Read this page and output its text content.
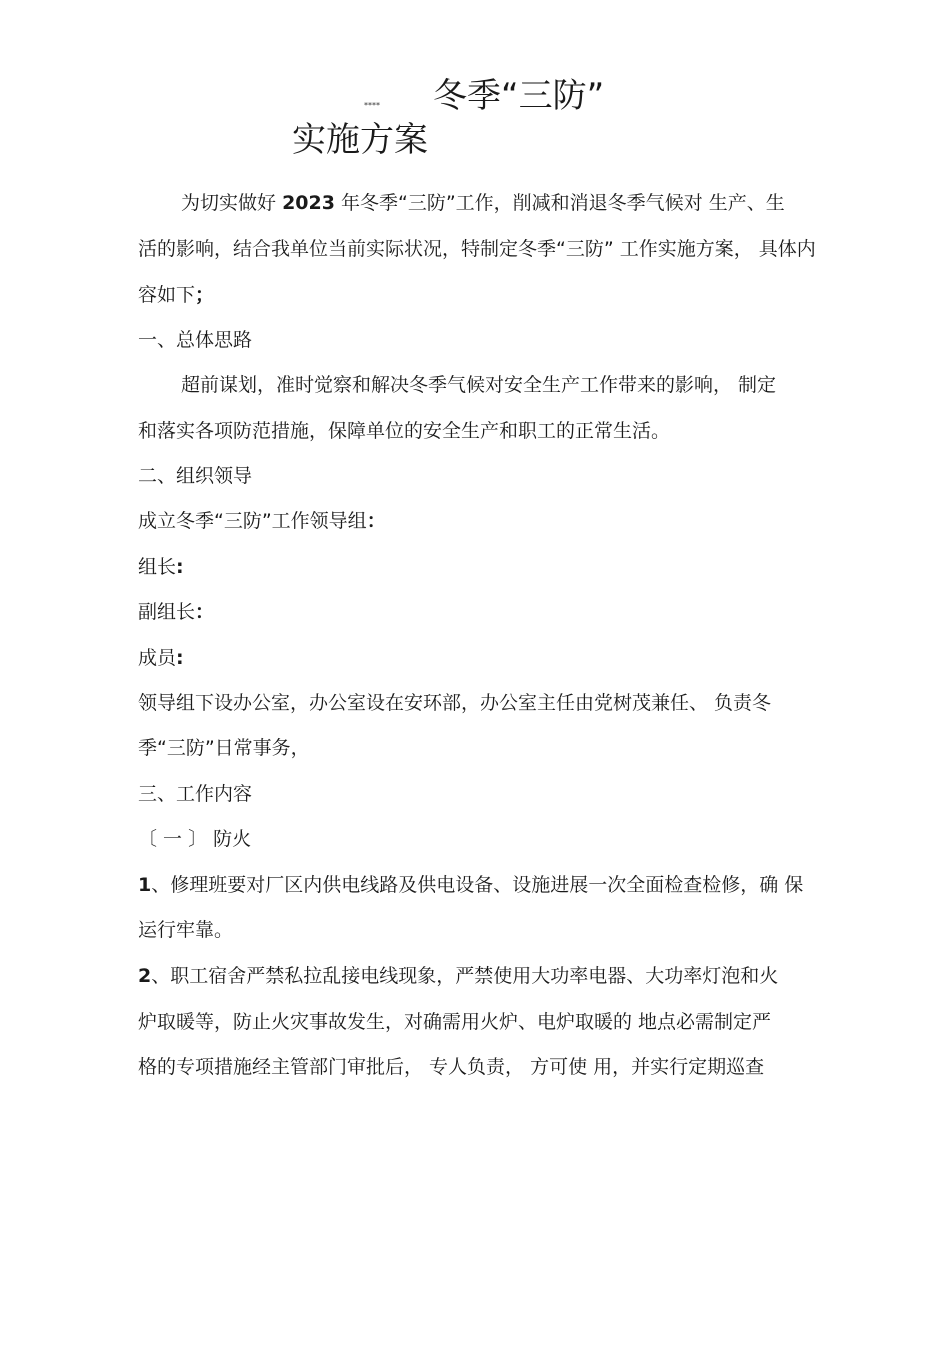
**** 冬季“三防”
实施方案
为切实做好 2023 年冬季“三防”工作，削减和消退冬季气候对 生产、生
活的影响，结合我单位当前实际状况，特制定冬季“三防” 工作实施方案， 具体内
容如下；
一、总体思路
超前谋划，准时觉察和解决冬季气候对安全生产工作带来的影响， 制定
和落实各项防范措施，保障单位的安全生产和职工的正常生活。
二、组织领导
成立冬季“三防”工作领导组：
组长:
副组长：
成员:
领导组下设办公室，办公室设在安环部，办公室主任由党树茂兼任、 负责冬
季“三防”日常事务，
三、工作内容
〔 一 〕 防火
1、修理班要对厂区内供电线路及供电设备、设施进展一次全面检查检修，确 保
运行牢靠。
2、职工宿舍严禁私拉乱接电线现象，严禁使用大功率电器、大功率灯泡和火
炉取暖等，防止火灾事故发生，对确需用火炉、电炉取暖的 地点必需制定严
格的专项措施经主管部门审批后， 专人负责， 方可使 用，并实行定期巡查
